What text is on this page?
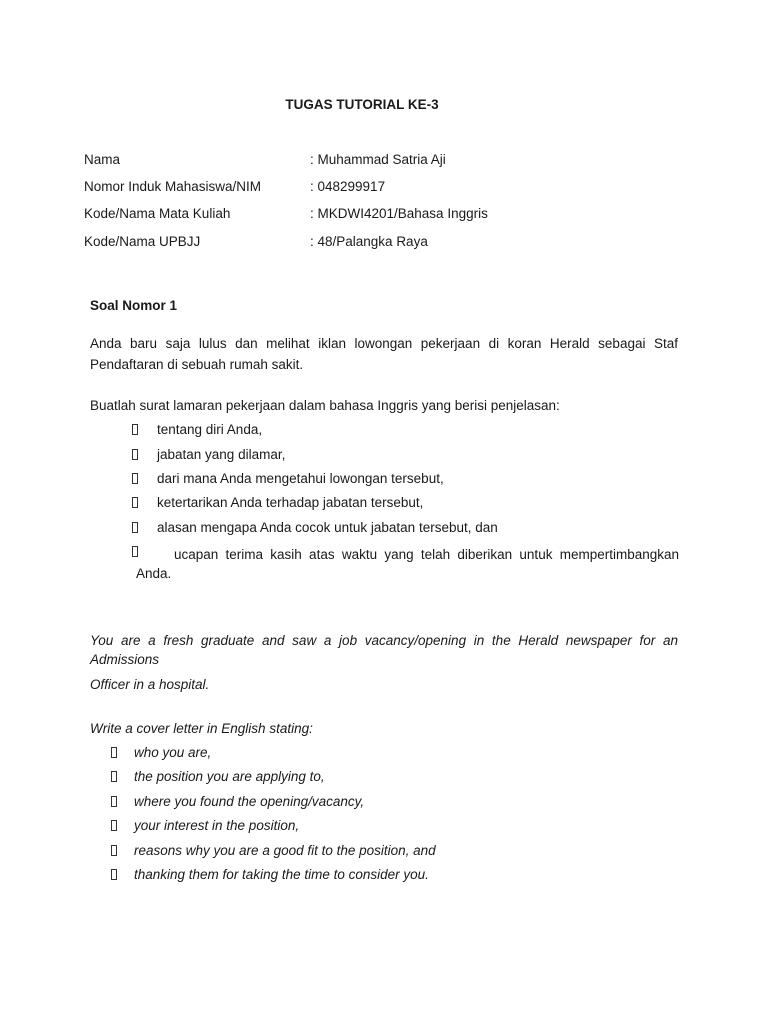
TUGAS TUTORIAL KE-3
Nama	: Muhammad Satria Aji
Nomor Induk Mahasiswa/NIM	: 048299917
Kode/Nama Mata Kuliah	: MKDWI4201/Bahasa Inggris
Kode/Nama UPBJJ	: 48/Palangka Raya
Soal Nomor 1
Anda baru saja lulus dan melihat iklan lowongan pekerjaan di koran Herald sebagai Staf Pendaftaran di sebuah rumah sakit.
Buatlah surat lamaran pekerjaan dalam bahasa Inggris yang berisi penjelasan:
tentang diri Anda,
jabatan yang dilamar,
dari mana Anda mengetahui lowongan tersebut,
ketertarikan Anda terhadap jabatan tersebut,
alasan mengapa Anda cocok untuk jabatan tersebut, dan
ucapan terima kasih atas waktu yang telah diberikan untuk mempertimbangkan
Anda.
You are a fresh graduate and saw a job vacancy/opening in the Herald newspaper for an
Admissions
Officer in a hospital.
Write a cover letter in English stating:
who you are,
the position you are applying to,
where you found the opening/vacancy,
your interest in the position,
reasons why you are a good fit to the position, and
thanking them for taking the time to consider you.
